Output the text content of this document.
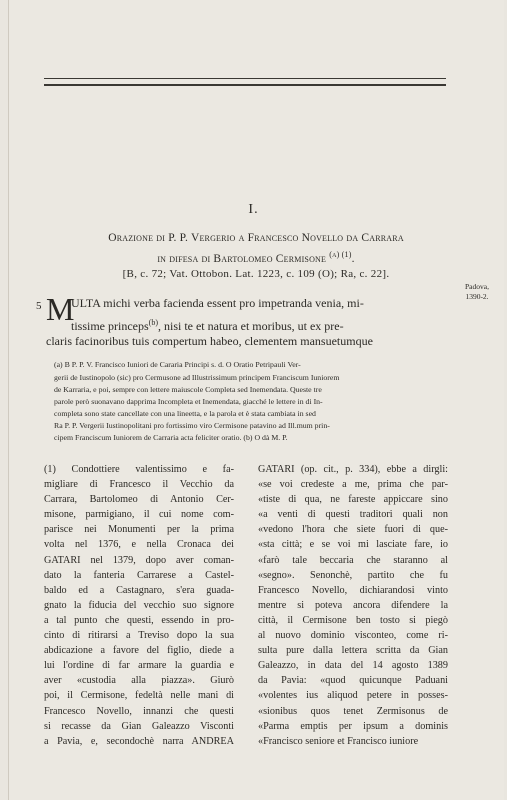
I.
Orazione di P. P. Vergerio a Francesco Novello da Carrara
in difesa di Bartolomeo Cermisone $^{(a) (1)}$.
[B, c. 72; Vat. Ottobon. Lat. 1223, c. 109 (O); Ra, c. 22].
Padova,
1390-2.
5 M
ULTA michi verba facienda essent pro impetranda venia, mi-
tissime princeps$^{(b)}$, nisi te et natura et moribus, ut ex pre-
claris facinoribus tuis compertum habeo, clementem mansuetumque
(a) B P. P. V. Francisco Iuniori de Cararia Principi s. d. O Oratio Petripauli Ver-
gerii de Iustinopolo (sic) pro Cermusone ad Illustrissimum principem Franciscum Iuniorem
de Karraria, e poi, sempre con lettere maiuscole Completa sed Inemendata. Queste tre
parole però suonavano dapprima Incompleta et Inemendata, giacché le lettere in di In-
completa sono state cancellate con una lineetta, e la parola et è stata cambiata in sed
Ra P. P. Vergerii Iustinopolitani pro fortissimo viro Cermisone patavino ad Ill.mum prin-
cipem Franciscum Iuniorem de Carraria acta feliciter oratio. (b) O dà M. P.
(1) Condottiere valentissimo e fa-
migliare di Francesco il Vecchio da
Carrara, Bartolomeo di Antonio Cer-
misone, parmigiano, il cui nome com-
parisce nei Monumenti per la prima
volta nel 1376, e nella Cronaca dei
GATARI nel 1379, dopo aver coman-
dato la fanteria Carrarese a Castel-
baldo ed a Castagnaro, s'era guada-
gnato la fiducia del vecchio suo signore
a tal punto che questi, essendo in pro-
cinto di ritirarsi a Treviso dopo la sua
abdicazione a favore del figlio, diede a
lui l'ordine di far armare la guardia e
aver «custodia alla piazza». Giurò
poi, il Cermisone, fedeltà nelle mani di
Francesco Novello, innanzi che questi
si recasse da Gian Galeazzo Visconti
a Pavia, e, secondochè narra ANDREA
GATARI (op. cit., p. 334), ebbe a dirgli:
«se voi credeste a me, prima che par-
«tiste di qua, ne fareste appiccare sino
«a venti di questi traditori quali non
«vedono l'hora che siete fuori di que-
«sta città; e se voi mi lasciate fare, io
«farò tale beccaria che staranno al
«segno». Senonchè, partito che fu
Francesco Novello, dichiarandosi vinto
mentre si poteva ancora difendere la
città, il Cermisone ben tosto si piegò
al nuovo dominio visconteo, come ri-
sulta pure dalla lettera scritta da Gian
Galeazzo, in data del 14 agosto 1389
da Pavia: «quod quicunque Paduani
«volentes ius aliquod petere in posses-
«sionibus quos tenet Zermisonus de
«Parma emptis per ipsum a dominis
«Francisco seniore et Francisco iuniore
